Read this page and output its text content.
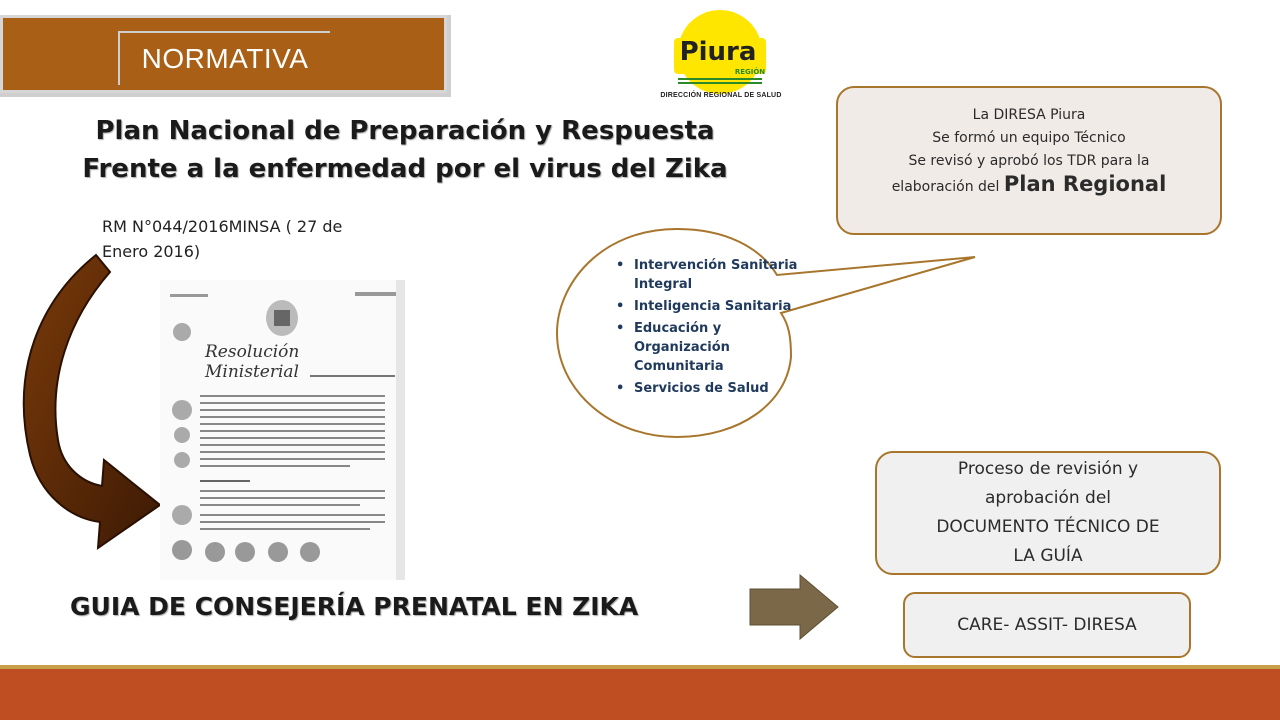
NORMATIVA	Piura
REGIÓN
DIRECCIÓN REGIONAL DE SALUD
Plan Nacional de Preparación y Respuesta
Frente a la enfermedad por el virus del Zika
RM N°044/2016MINSA ( 27 de
Enero 2016)
Resolución Ministerial
• Intervención Sanitaria Integral
• Inteligencia Sanitaria
• Educación y Organización Comunitaria
• Servicios de Salud
La DIRESA Piura
Se formó un equipo Técnico
Se revisó y aprobó los TDR para la
elaboración del Plan Regional
Proceso de revisión y
aprobación del
DOCUMENTO TÉCNICO DE
LA GUÍA
CARE- ASSIT- DIRESA
GUIA DE CONSEJERÍA PRENATAL EN ZIKA
